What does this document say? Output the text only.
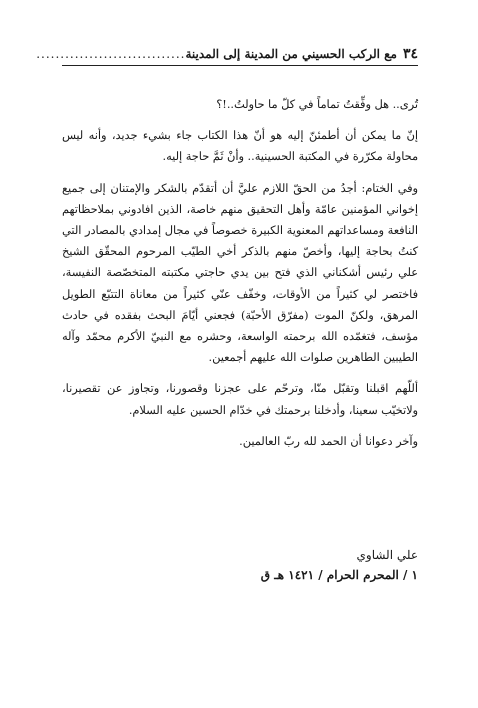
٣٤
مع الركب الحسيني من المدينة إلى المدينة
...............................

تُرى.. هل وفِّقتُ تماماً في كلّ ما حاولتُ..!؟

إنّ ما يمكن أن أطمئنّ إليه هو أنّ هذا الكتاب جاء بشيء جديد، وأنه ليس محاولة مكرّرة في المكتبة الحسينية.. وأنْ ثَمَّ حاجة إليه.

وفي الختام: أجدُ من الحقّ اللازم عليَّ أن أتقدّم بالشكر والإمتنان إلى جميع إخواني المؤمنين عامّة وأهل التحقيق منهم خاصة، الذين افادوني بملاحظاتهم النافعة ومساعداتهم المعنوية الكبيرة خصوصاً في مجال إمدادي بالمصادر التي كنتُ بحاجة إليها، وأخصّ منهم بالذكر أخي الطيّب المرحوم المحقّق الشيخ علي رئيس أشكناني الذي فتح بين يدي حاجتي مكتبته المتخصّصة النفيسة، فاختصر لي كثيراً من الأوقات، وخفّف عنّي كثيراً من معاناة التتبّع الطويل المرهق، ولكنّ الموت (مفرّق الأحبّة) فجعني أيّامَ البحث بفقده في حادث مؤسف، فتغمّده الله برحمته الواسعة، وحشره مع النبيّ الأكرم محمّد وآله الطيبين الطاهرين صلوات الله عليهم أجمعين.

أللّهم اقبلنا وتقبّل منّا، وترحّم على عجزنا وقصورنا، وتجاوز عن تقصيرنا، ولاتخيّب سعينا، وأدخلنا برحمتك في خدّام الحسين عليه السلام.

وآخر دعوانا أن الحمد لله ربّ العالمين.

علي الشاوي
١ / المحرم الحرام / ١٤٢١ هـ ق
